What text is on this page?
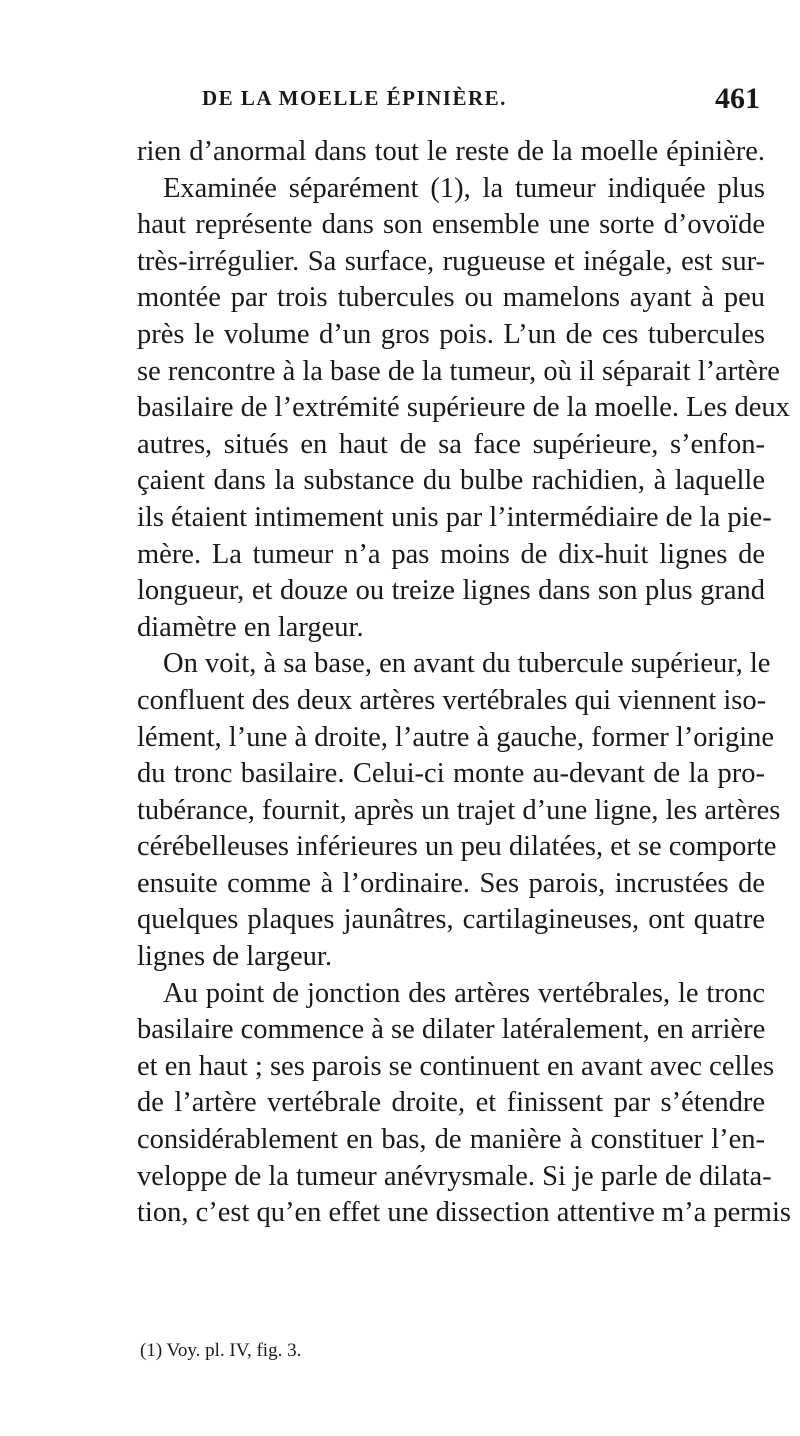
DE LA MOELLE ÉPINIÈRE.	461
rien d’anormal dans tout le reste de la moelle épinière.
Examinée séparément (1), la tumeur indiquée plus
haut représente dans son ensemble une sorte d’ovoïde
très-irrégulier. Sa surface, rugueuse et inégale, est sur-
montée par trois tubercules ou mamelons ayant à peu
près le volume d’un gros pois. L’un de ces tubercules
se rencontre à la base de la tumeur, où il séparait l’artère
basilaire de l’extrémité supérieure de la moelle. Les deux
autres, situés en haut de sa face supérieure, s’enfon-
çaient dans la substance du bulbe rachidien, à laquelle
ils étaient intimement unis par l’intermédiaire de la pie-
mère. La tumeur n’a pas moins de dix-huit lignes de
longueur, et douze ou treize lignes dans son plus grand
diamètre en largeur.
On voit, à sa base, en avant du tubercule supérieur, le
confluent des deux artères vertébrales qui viennent iso-
lément, l’une à droite, l’autre à gauche, former l’origine
du tronc basilaire. Celui-ci monte au-devant de la pro-
tubérance, fournit, après un trajet d’une ligne, les artères
cérébelleuses inférieures un peu dilatées, et se comporte
ensuite comme à l’ordinaire. Ses parois, incrustées de
quelques plaques jaunâtres, cartilagineuses, ont quatre
lignes de largeur.
Au point de jonction des artères vertébrales, le tronc
basilaire commence à se dilater latéralement, en arrière
et en haut ; ses parois se continuent en avant avec celles
de l’artère vertébrale droite, et finissent par s’étendre
considérablement en bas, de manière à constituer l’en-
veloppe de la tumeur anévrysmale. Si je parle de dilata-
tion, c’est qu’en effet une dissection attentive m’a permis
(1) Voy. pl. IV, fig. 3.
